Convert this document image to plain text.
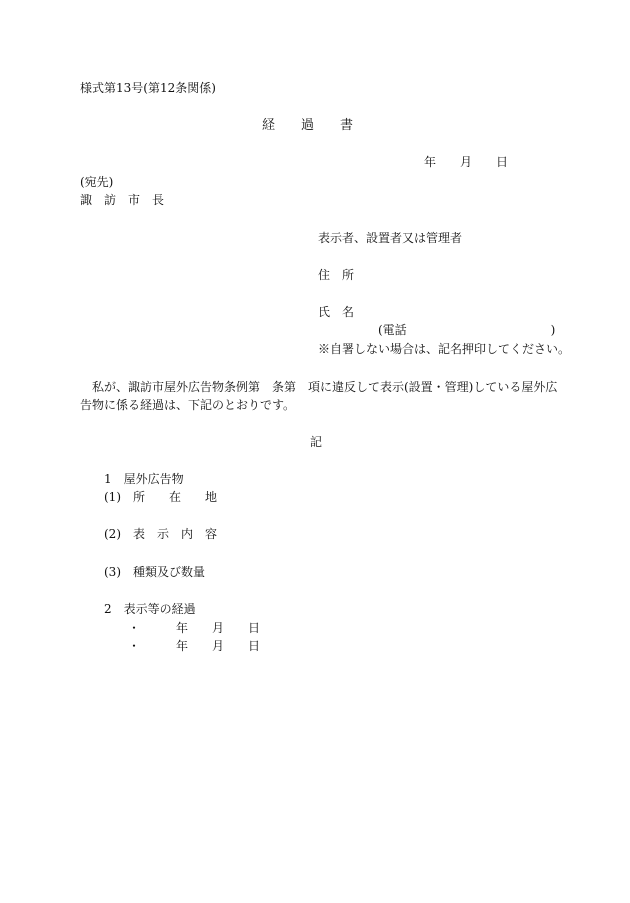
様式第13号(第12条関係)
経　　過　　書
年　　月　　日
(宛先)
諏　訪　市　長
表示者、設置者又は管理者
住　所
氏　名
(電話　　　　　　　　　　　　)
※自署しない場合は、記名押印してください。
私が、諏訪市屋外広告物条例第　条第　項に違反して表示(設置・管理)している屋外広
告物に係る経過は、下記のとおりです。
記
1　屋外広告物
(1)　所　　在　　地
(2)　表　示　内　容
(3)　種類及び数量
2　表示等の経過
・　　　年　　月　　日
・　　　年　　月　　日
